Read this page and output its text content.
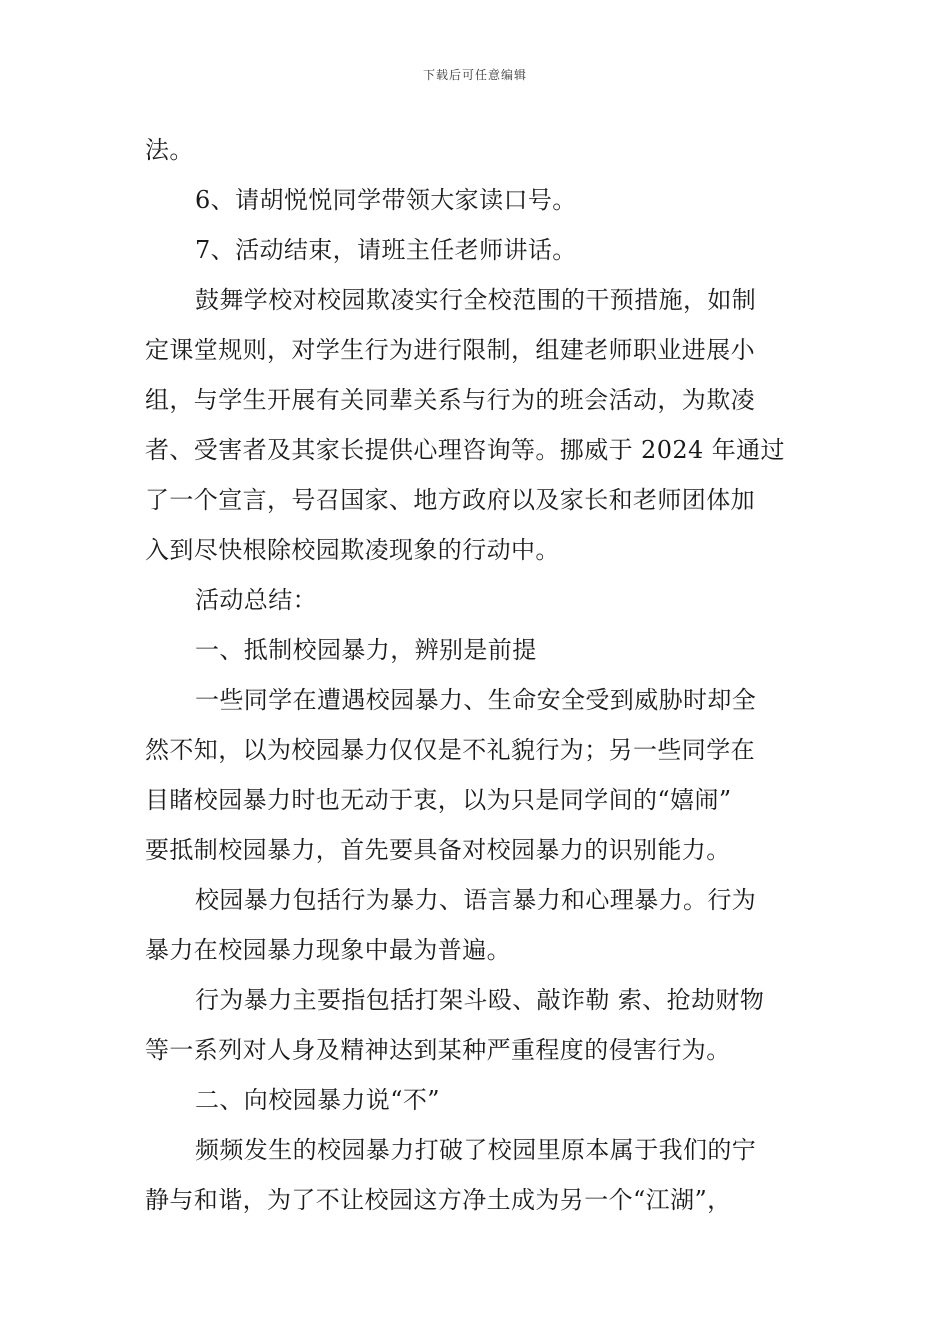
下载后可任意编辑
法。
6、请胡悦悦同学带领大家读口号。
7、活动结束，请班主任老师讲话。
鼓舞学校对校园欺凌实行全校范围的干预措施，如制
定课堂规则，对学生行为进行限制，组建老师职业进展小
组，与学生开展有关同辈关系与行为的班会活动，为欺凌
者、受害者及其家长提供心理咨询等。挪威于 2024 年通过
了一个宣言，号召国家、地方政府以及家长和老师团体加
入到尽快根除校园欺凌现象的行动中。
活动总结：
一、抵制校园暴力，辨别是前提
一些同学在遭遇校园暴力、生命安全受到威胁时却全
然不知，以为校园暴力仅仅是不礼貌行为；另一些同学在
目睹校园暴力时也无动于衷，以为只是同学间的“嬉闹”
要抵制校园暴力，首先要具备对校园暴力的识别能力。
校园暴力包括行为暴力、语言暴力和心理暴力。行为
暴力在校园暴力现象中最为普遍。
行为暴力主要指包括打架斗殴、敲诈勒 索、抢劫财物
等一系列对人身及精神达到某种严重程度的侵害行为。
二、向校园暴力说“不”
频频发生的校园暴力打破了校园里原本属于我们的宁
静与和谐，为了不让校园这方净土成为另一个“江湖”，
